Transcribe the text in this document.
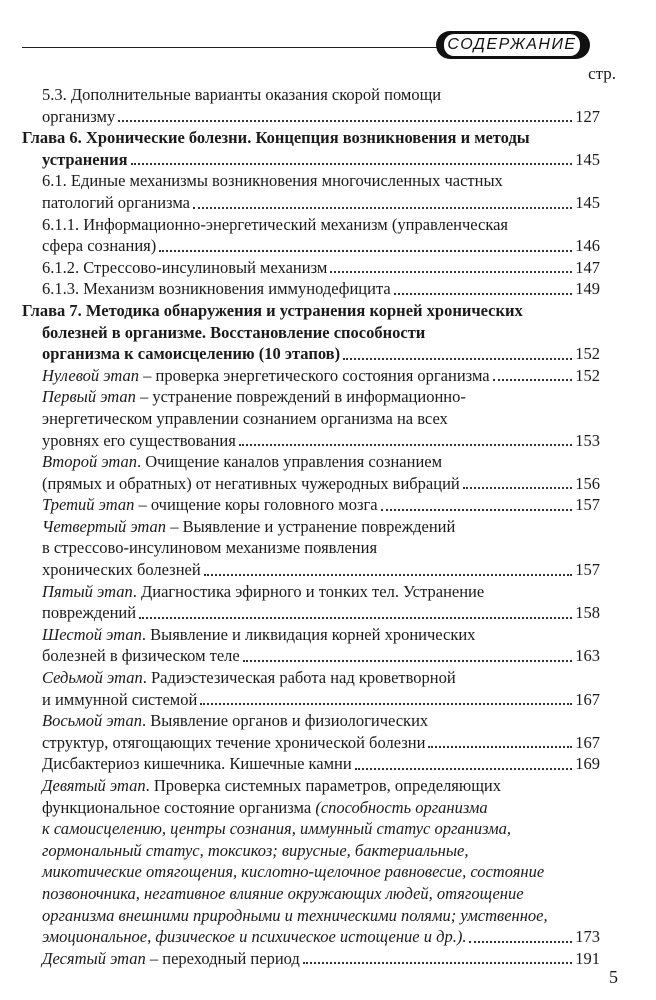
СОДЕРЖАНИЕ
стр.
5.3. Дополнительные варианты оказания скорой помощи
организму	127
Глава 6. Хронические болезни. Концепция возникновения и методы
устранения	145
6.1. Единые механизмы возникновения многочисленных частных
патологий организма	145
6.1.1. Информационно-энергетический механизм (управленческая
сфера сознания)	146
6.1.2. Стрессово-инсулиновый механизм	147
6.1.3. Механизм возникновения иммунодефицита	149
Глава 7. Методика обнаружения и устранения корней хронических
болезней в организме. Восстановление способности
организма к самоисцелению (10 этапов)	152
Нулевой этап – проверка энергетического состояния организма	152
Первый этап – устранение повреждений в информационно-
энергетическом управлении сознанием организма на всех
уровнях его существования	153
Второй этап. Очищение каналов управления сознанием
(прямых и обратных) от негативных чужеродных вибраций	156
Третий этап – очищение коры головного мозга	157
Четвертый этап – Выявление и устранение повреждений
в стрессово-инсулиновом механизме появления
хронических болезней	157
Пятый этап. Диагностика эфирного и тонких тел. Устранение
повреждений	158
Шестой этап. Выявление и ликвидация корней хронических
болезней в физическом теле	163
Седьмой этап. Радиэстезическая работа над кроветворной
и иммунной системой	167
Восьмой этап. Выявление органов и физиологических
структур, отягощающих течение хронической болезни	167
Дисбактериоз кишечника. Кишечные камни	169
Девятый этап. Проверка системных параметров, определяющих
функциональное состояние организма (способность организма
к самоисцелению, центры сознания, иммунный статус организма,
гормональный статус, токсикоз; вирусные, бактериальные,
микотические отягощения, кислотно-щелочное равновесие, состояние
позвоночника, негативное влияние окружающих людей, отягощение
организма внешними природными и техническими полями; умственное,
эмоциональное, физическое и психическое истощение и др.).	173
Десятый этап – переходный период	191
5
